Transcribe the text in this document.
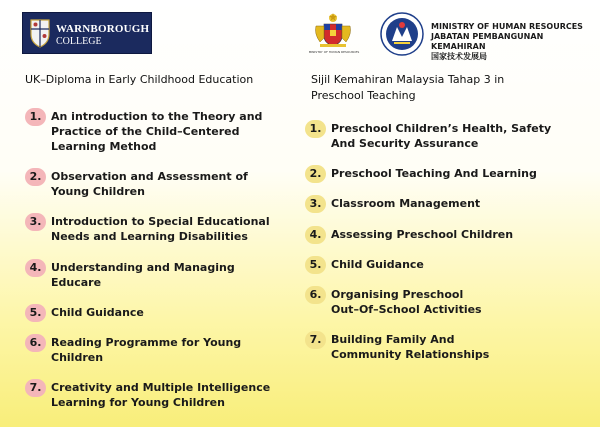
WARNBOROUGH
COLLEGE
MINISTRY OF HUMAN RESOURCES
MINISTRY OF HUMAN RESOURCES
JABATAN PEMBANGUNAN KEMAHIRAN
国家技术发展局
UK–Diploma in Early Childhood Education	Sijil Kemahiran Malaysia Tahap 3 in
Preschool Teaching
1. An introduction to the Theory and
Practice of the Child–Centered
Learning Method
2. Observation and Assessment of
Young Children
3. Introduction to Special Educational
Needs and Learning Disabilities
4. Understanding and Managing
Educare
5. Child Guidance
6. Reading Programme for Young
Children
7. Creativity and Multiple Intelligence
Learning for Young Children
1. Preschool Children’s Health, Safety
And Security Assurance
2. Preschool Teaching And Learning
3. Classroom Management
4. Assessing Preschool Children
5. Child Guidance
6. Organising Preschool
Out–Of–School Activities
7. Building Family And
Community Relationships
